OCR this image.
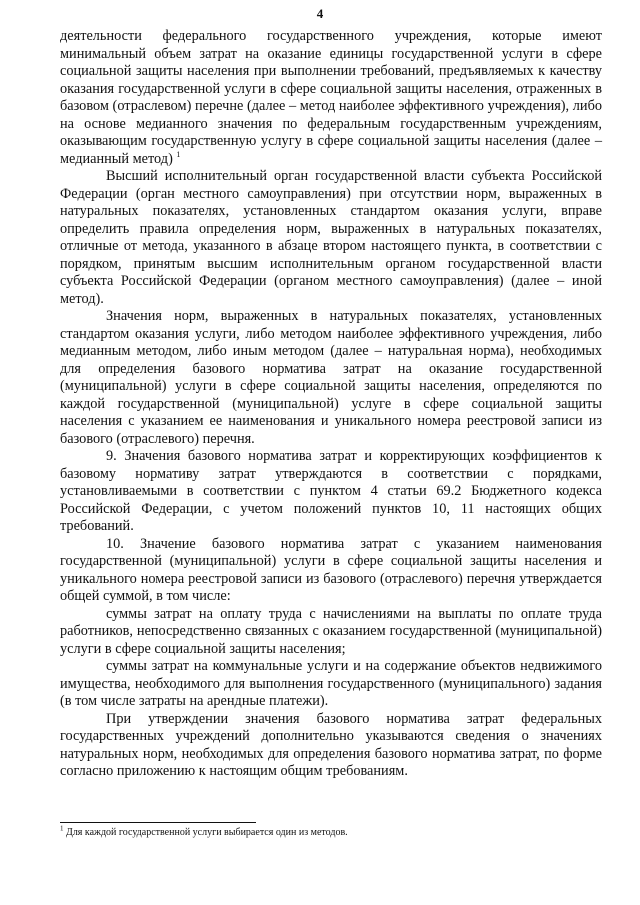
4

деятельности федерального государственного учреждения, которые имеют минимальный объем затрат на оказание единицы государственной услуги в сфере социальной защиты населения при выполнении требований, предъявляемых к качеству оказания государственной услуги в сфере социальной защиты населения, отраженных в базовом (отраслевом) перечне (далее – метод наиболее эффективного учреждения), либо на основе медианного значения по федеральным государственным учреждениям, оказывающим государственную услугу в сфере социальной защиты населения (далее – медианный метод) $^1$

Высший исполнительный орган государственной власти субъекта Российской Федерации (орган местного самоуправления) при отсутствии норм, выраженных в натуральных показателях, установленных стандартом оказания услуги, вправе определить правила определения норм, выраженных в натуральных показателях, отличные от метода, указанного в абзаце втором настоящего пункта, в соответствии с порядком, принятым высшим исполнительным органом государственной власти субъекта Российской Федерации (органом местного самоуправления) (далее – иной метод).

Значения норм, выраженных в натуральных показателях, установленных стандартом оказания услуги, либо методом наиболее эффективного учреждения, либо медианным методом, либо иным методом (далее – натуральная норма), необходимых для определения базового норматива затрат на оказание государственной (муниципальной) услуги в сфере социальной защиты населения, определяются по каждой государственной (муниципальной) услуге в сфере социальной защиты населения с указанием ее наименования и уникального номера реестровой записи из базового (отраслевого) перечня.

9. Значения базового норматива затрат и корректирующих коэффициентов к базовому нормативу затрат утверждаются в соответствии с порядками, установливаемыми в соответствии с пунктом 4 статьи 69.2 Бюджетного кодекса Российской Федерации, с учетом положений пунктов 10, 11 настоящих общих требований.

10. Значение базового норматива затрат с указанием наименования государственной (муниципальной) услуги в сфере социальной защиты населения и уникального номера реестровой записи из базового (отраслевого) перечня утверждается общей суммой, в том числе:

суммы затрат на оплату труда с начислениями на выплаты по оплате труда работников, непосредственно связанных с оказанием государственной (муниципальной) услуги в сфере социальной защиты населения;

суммы затрат на коммунальные услуги и на содержание объектов недвижимого имущества, необходимого для выполнения государственного (муниципального) задания (в том числе затраты на арендные платежи).

При утверждении значения базового норматива затрат федеральных государственных учреждений дополнительно указываются сведения о значениях натуральных норм, необходимых для определения базового норматива затрат, по форме согласно приложению к настоящим общим требованиям.

$^1$ Для каждой государственной услуги выбирается один из методов.
